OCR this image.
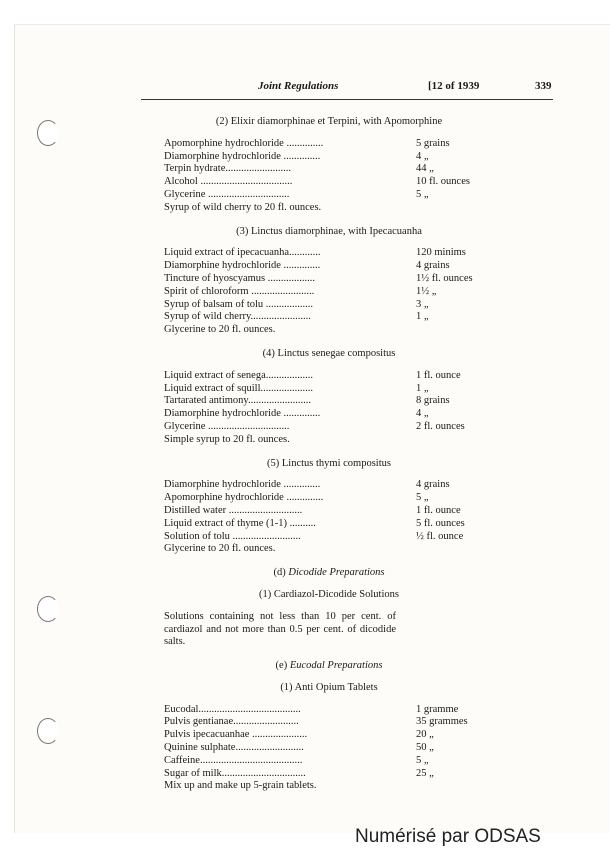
Joint Regulations	[12 of 1939	339

(2) Elixir diamorphinae et Terpini, with Apomorphine

Apomorphine hydrochloride ..............	5 grains
Diamorphine hydrochloride ..............	4 „
Terpin hydrate.........................	44 „
Alcohol ...................................	10 fl. ounces
Glycerine ...............................	5 „

Syrup of wild cherry to 20 fl. ounces.

(3) Linctus diamorphinae, with Ipecacuanha

Liquid extract of ipecacuanha............	120 minims
Diamorphine hydrochloride ..............	4 grains
Tincture of hyoscyamus ..................	1½ fl. ounces
Spirit of chloroform ........................	1½ „
Syrup of balsam of tolu ..................	3 „
Syrup of wild cherry.......................	1 „

Glycerine to 20 fl. ounces.

(4) Linctus senegae compositus

Liquid extract of senega..................	1 fl. ounce
Liquid extract of squill....................	1 „
Tartarated antimony........................	8 grains
Diamorphine hydrochloride ..............	4 „
Glycerine ...............................	2 fl. ounces

Simple syrup to 20 fl. ounces.

(5) Linctus thymi compositus

Diamorphine hydrochloride ..............	4 grains
Apomorphine hydrochloride ..............	5 „
Distilled water ............................	1 fl. ounce
Liquid extract of thyme (1-1) ..........	5 fl. ounces
Solution of tolu ..........................	½ fl. ounce

Glycerine to 20 fl. ounces.

(d) Dicodide Preparations

(1) Cardiazol-Dicodide Solutions

Solutions containing not less than 10 per cent. of cardiazol and not more than 0.5 per cent. of dicodide salts.

(e) Eucodal Preparations

(1) Anti Opium Tablets

Eucodal.......................................	1 gramme
Pulvis gentianae.........................	35 grammes
Pulvis ipecacuanhae .....................	20 „
Quinine sulphate..........................	50 „
Caffeine.......................................	5 „
Sugar of milk................................	25 „

Mix up and make up 5-grain tablets.

Numérisé par ODSAS
